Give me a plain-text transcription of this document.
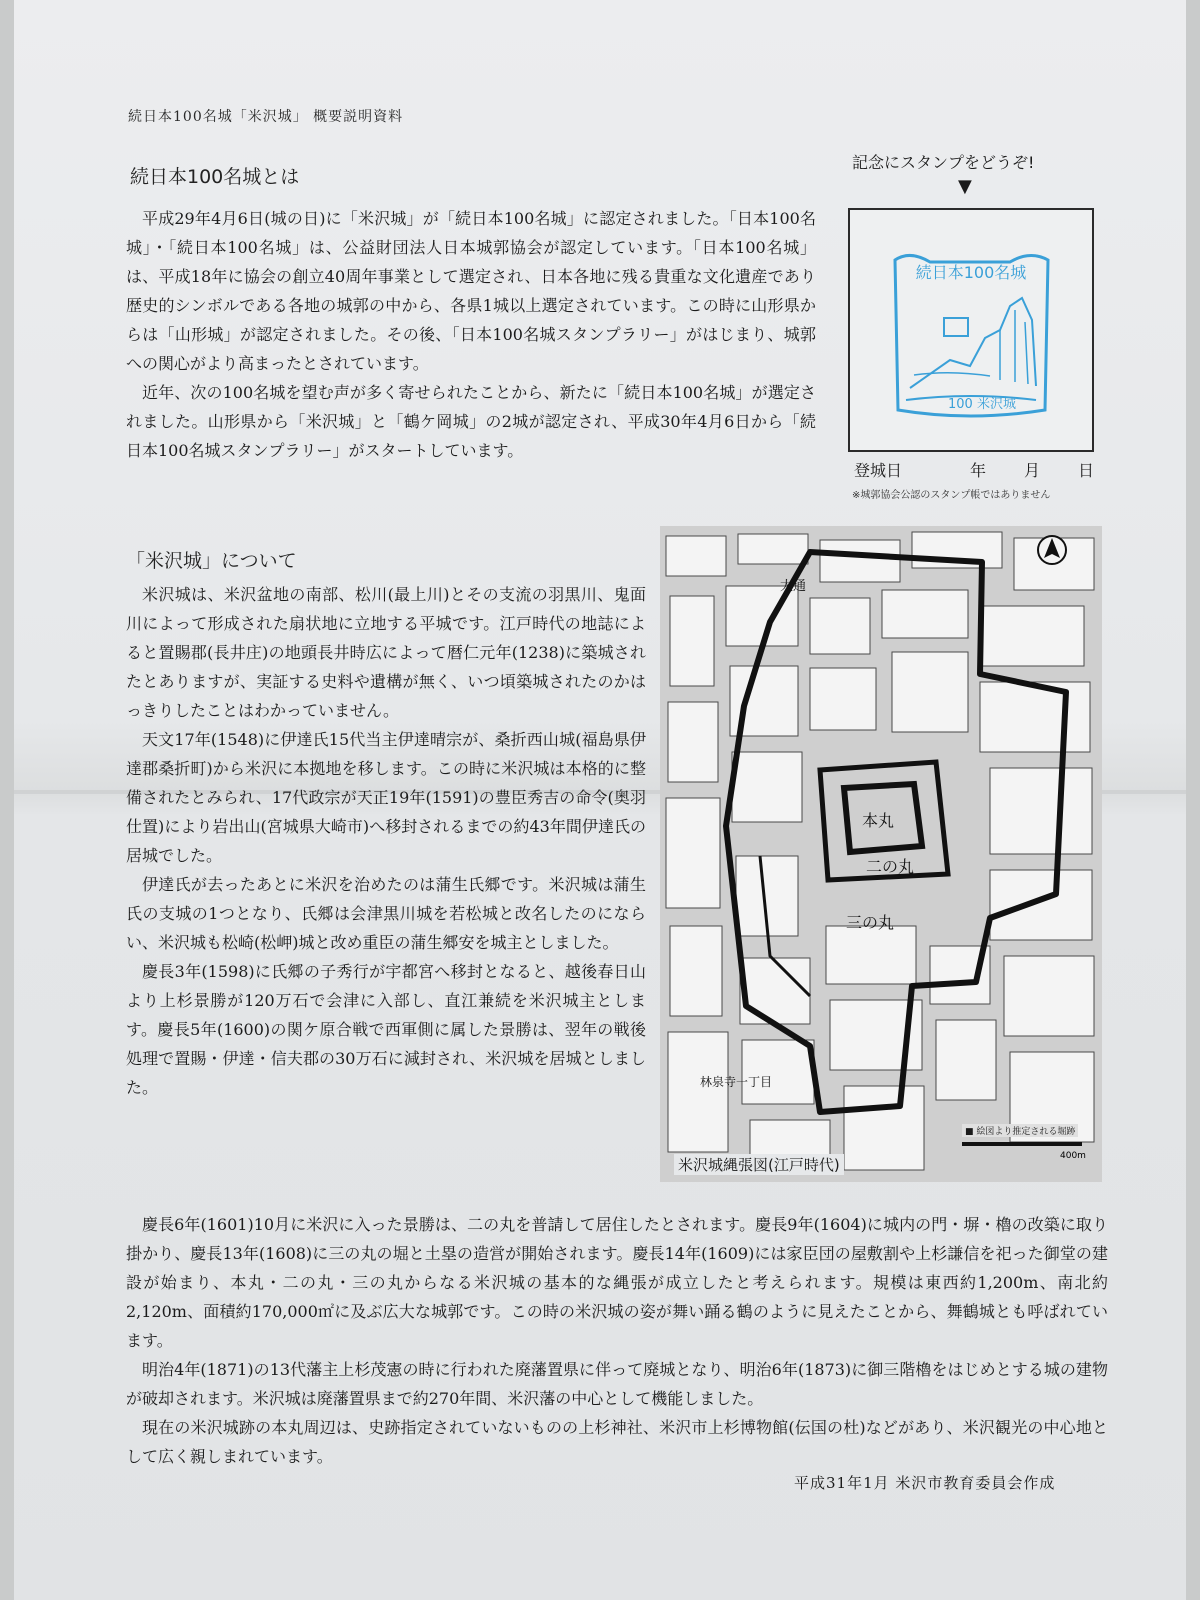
続日本100名城「米沢城」 概要説明資料
続日本100名城とは

平成29年4月6日(城の日)に「米沢城」が「続日本100名城」に認定されました。「日本100名城」・「続日本100名城」は、公益財団法人日本城郭協会が認定しています。「日本100名城」は、平成18年に協会の創立40周年事業として選定され、日本各地に残る貴重な文化遺産であり歴史的シンボルである各地の城郭の中から、各県1城以上選定されています。この時に山形県からは「山形城」が認定されました。その後、「日本100名城スタンプラリー」がはじまり、城郭への関心がより高まったとされています。

近年、次の100名城を望む声が多く寄せられたことから、新たに「続日本100名城」が選定されました。山形県から「米沢城」と「鶴ケ岡城」の2城が認定され、平成30年4月6日から「続日本100名城スタンプラリー」がスタートしています。

記念にスタンプをどうぞ!
▼
続日本100名城
100 米沢城
登城日	年 月 日
※城郭協会公認のスタンプ帳ではありません
「米沢城」について

米沢城は、米沢盆地の南部、松川(最上川)とその支流の羽黒川、鬼面川によって形成された扇状地に立地する平城です。江戸時代の地誌によると置賜郡(長井庄)の地頭長井時広によって暦仁元年(1238)に築城されたとありますが、実証する史料や遺構が無く、いつ頃築城されたのかはっきりしたことはわかっていません。

天文17年(1548)に伊達氏15代当主伊達晴宗が、桑折西山城(福島県伊達郡桑折町)から米沢に本拠地を移します。この時に米沢城は本格的に整備されたとみられ、17代政宗が天正19年(1591)の豊臣秀吉の命令(奥羽仕置)により岩出山(宮城県大崎市)へ移封されるまでの約43年間伊達氏の居城でした。

伊達氏が去ったあとに米沢を治めたのは蒲生氏郷です。米沢城は蒲生氏の支城の1つとなり、氏郷は会津黒川城を若松城と改名したのにならい、米沢城も松崎(松岬)城と改め重臣の蒲生郷安を城主としました。

慶長3年(1598)に氏郷の子秀行が宇都宮へ移封となると、越後春日山より上杉景勝が120万石で会津に入部し、直江兼続を米沢城主とします。慶長5年(1600)の関ケ原合戦で西軍側に属した景勝は、翌年の戦後処理で置賜・伊達・信夫郡の30万石に減封され、米沢城を居城としました。

本丸
二の丸
三の丸
大通
林泉寺一丁目
400m
■ 絵図より推定される堀跡
米沢城縄張図(江戸時代)

慶長6年(1601)10月に米沢に入った景勝は、二の丸を普請して居住したとされます。慶長9年(1604)に城内の門・塀・櫓の改築に取り掛かり、慶長13年(1608)に三の丸の堀と土塁の造営が開始されます。慶長14年(1609)には家臣団の屋敷割や上杉謙信を祀った御堂の建設が始まり、本丸・二の丸・三の丸からなる米沢城の基本的な縄張が成立したと考えられます。規模は東西約1,200m、南北約2,120m、面積約170,000㎡に及ぶ広大な城郭です。この時の米沢城の姿が舞い踊る鶴のように見えたことから、舞鶴城とも呼ばれています。

明治4年(1871)の13代藩主上杉茂憲の時に行われた廃藩置県に伴って廃城となり、明治6年(1873)に御三階櫓をはじめとする城の建物が破却されます。米沢城は廃藩置県まで約270年間、米沢藩の中心として機能しました。

現在の米沢城跡の本丸周辺は、史跡指定されていないものの上杉神社、米沢市上杉博物館(伝国の杜)などがあり、米沢観光の中心地として広く親しまれています。

平成31年1月 米沢市教育委員会作成
